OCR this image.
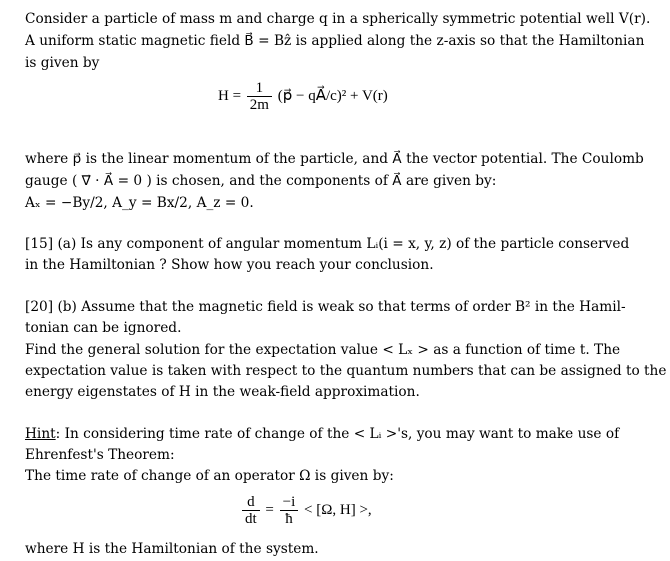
Consider a particle of mass m and charge q in a spherically symmetric potential well V(r).
A uniform static magnetic field B⃗ = Bẑ is applied along the z-axis so that the Hamiltonian
is given by
$H = \frac{1}{2m}$ (p⃗ − qA⃗/c)² + V(r)
where p⃗ is the linear momentum of the particle, and A⃗ the vector potential. The Coulomb
gauge ( ∇⃗ · A⃗ = 0 ) is chosen, and the components of A⃗ are given by:
Aₓ = −By/2, A_y = Bx/2, A_z = 0.
[15] (a) Is any component of angular momentum Lᵢ(i = x, y, z) of the particle conserved
in the Hamiltonian ? Show how you reach your conclusion.
[20] (b) Assume that the magnetic field is weak so that terms of order B² in the Hamil-
tonian can be ignored.
Find the general solution for the expectation value < Lₓ > as a function of time t. The
expectation value is taken with respect to the quantum numbers that can be assigned to the
energy eigenstates of H in the weak-field approximation.
Hint: In considering time rate of change of the < Lᵢ >'s, you may want to make use of
Ehrenfest's Theorem:
The time rate of change of an operator Ω is given by:
$\frac{d}{dt} = \frac{-i}{ħ} < [\Omega$, H] >,
where H is the Hamiltonian of the system.
